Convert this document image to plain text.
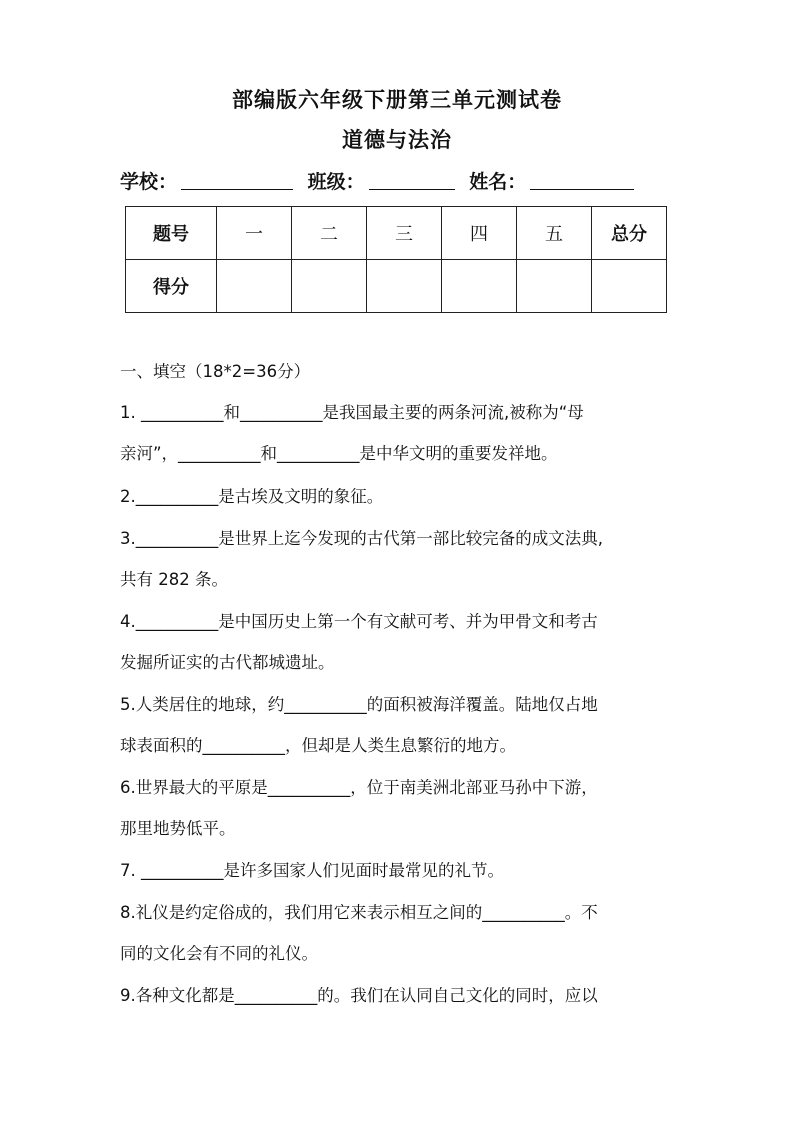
部编版六年级下册第三单元测试卷
道德与法治
学校：	班级：	姓名：
题号	一	二	三	四	五	总分
得分						
一、填空（18*2=36分）
1. __________和__________是我国最主要的两条河流,被称为“母
亲河”，__________和__________是中华文明的重要发祥地。
2.__________是古埃及文明的象征。
3.__________是世界上迄今发现的古代第一部比较完备的成文法典,
共有 282 条。
4.__________是中国历史上第一个有文献可考、并为甲骨文和考古
发掘所证实的古代都城遗址。
5.人类居住的地球，约__________的面积被海洋覆盖。陆地仅占地
球表面积的__________，但却是人类生息繁衍的地方。
6.世界最大的平原是__________，位于南美洲北部亚马孙中下游，
那里地势低平。
7. __________是许多国家人们见面时最常见的礼节。
8.礼仪是约定俗成的，我们用它来表示相互之间的__________。不
同的文化会有不同的礼仪。
9.各种文化都是__________的。我们在认同自己文化的同时，应以
